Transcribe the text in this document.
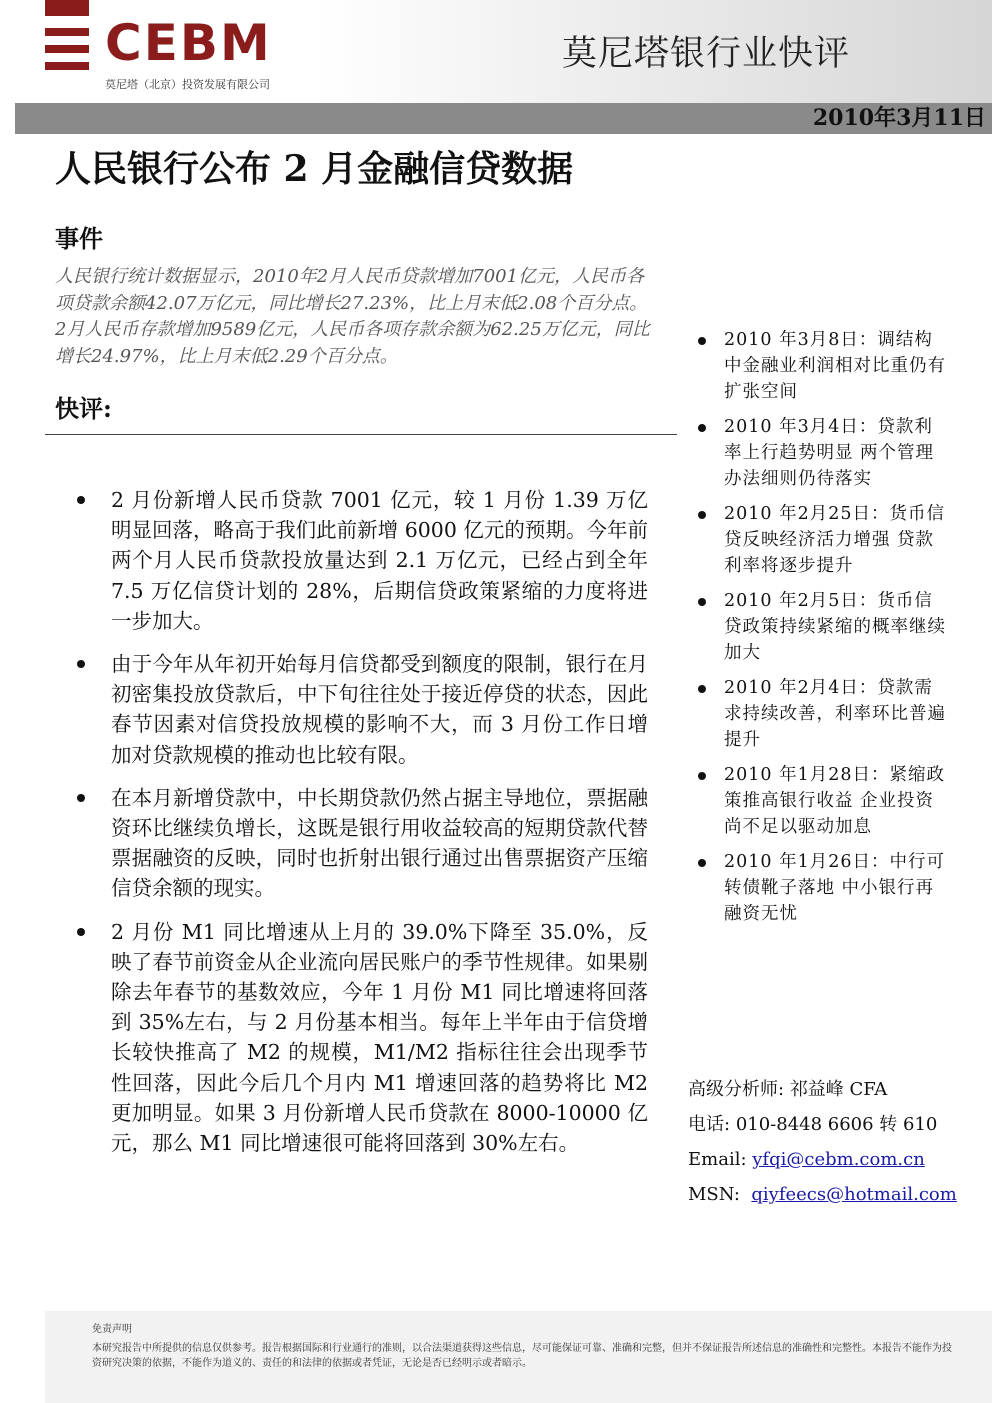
CEBM
莫尼塔（北京）投资发展有限公司
莫尼塔银行业快评
2010年3月11日
人民银行公布 2 月金融信贷数据
事件
人民银行统计数据显示，2010年2月人民币贷款增加7001亿元，人民币各项贷款余额42.07万亿元，同比增长27.23%，比上月末低2.08个百分点。2月人民币存款增加9589亿元，人民币各项存款余额为62.25万亿元，同比增长24.97%，比上月末低2.29个百分点。
快评:
2 月份新增人民币贷款 7001 亿元，较 1 月份 1.39 万亿明显回落，略高于我们此前新增 6000 亿元的预期。今年前两个月人民币贷款投放量达到 2.1 万亿元，已经占到全年 7.5 万亿信贷计划的 28%，后期信贷政策紧缩的力度将进一步加大。
由于今年从年初开始每月信贷都受到额度的限制，银行在月初密集投放贷款后，中下旬往往处于接近停贷的状态，因此春节因素对信贷投放规模的影响不大，而 3 月份工作日增加对贷款规模的推动也比较有限。
在本月新增贷款中，中长期贷款仍然占据主导地位，票据融资环比继续负增长，这既是银行用收益较高的短期贷款代替票据融资的反映，同时也折射出银行通过出售票据资产压缩信贷余额的现实。
2 月份 M1 同比增速从上月的 39.0%下降至 35.0%，反映了春节前资金从企业流向居民账户的季节性规律。如果剔除去年春节的基数效应，今年 1 月份 M1 同比增速将回落到 35%左右，与 2 月份基本相当。每年上半年由于信贷增长较快推高了 M2 的规模，M1/M2 指标往往会出现季节性回落，因此今后几个月内 M1 增速回落的趋势将比 M2 更加明显。如果 3 月份新增人民币贷款在 8000-10000 亿元，那么 M1 同比增速很可能将回落到 30%左右。
2010 年3月8日：调结构中金融业利润相对比重仍有扩张空间
2010 年3月4日：贷款利率上行趋势明显 两个管理办法细则仍待落实
2010 年2月25日：货币信贷反映经济活力增强 贷款利率将逐步提升
2010 年2月5日：货币信贷政策持续紧缩的概率继续加大
2010 年2月4日：贷款需求持续改善，利率环比普遍提升
2010 年1月28日：紧缩政策推高银行收益 企业投资尚不足以驱动加息
2010 年1月26日：中行可转债靴子落地 中小银行再融资无忧
高级分析师: 祁益峰 CFA
电话: 010-8448 6606 转 610
Email: yfqi@cebm.com.cn
MSN: qiyfeecs@hotmail.com
免责声明
本研究报告中所提供的信息仅供参考。报告根据国际和行业通行的准则，以合法渠道获得这些信息，尽可能保证可靠、准确和完整，但并不保证报告所述信息的准确性和完整性。本报告不能作为投资研究决策的依据，不能作为道义的、责任的和法律的依据或者凭证，无论是否已经明示或者暗示。
